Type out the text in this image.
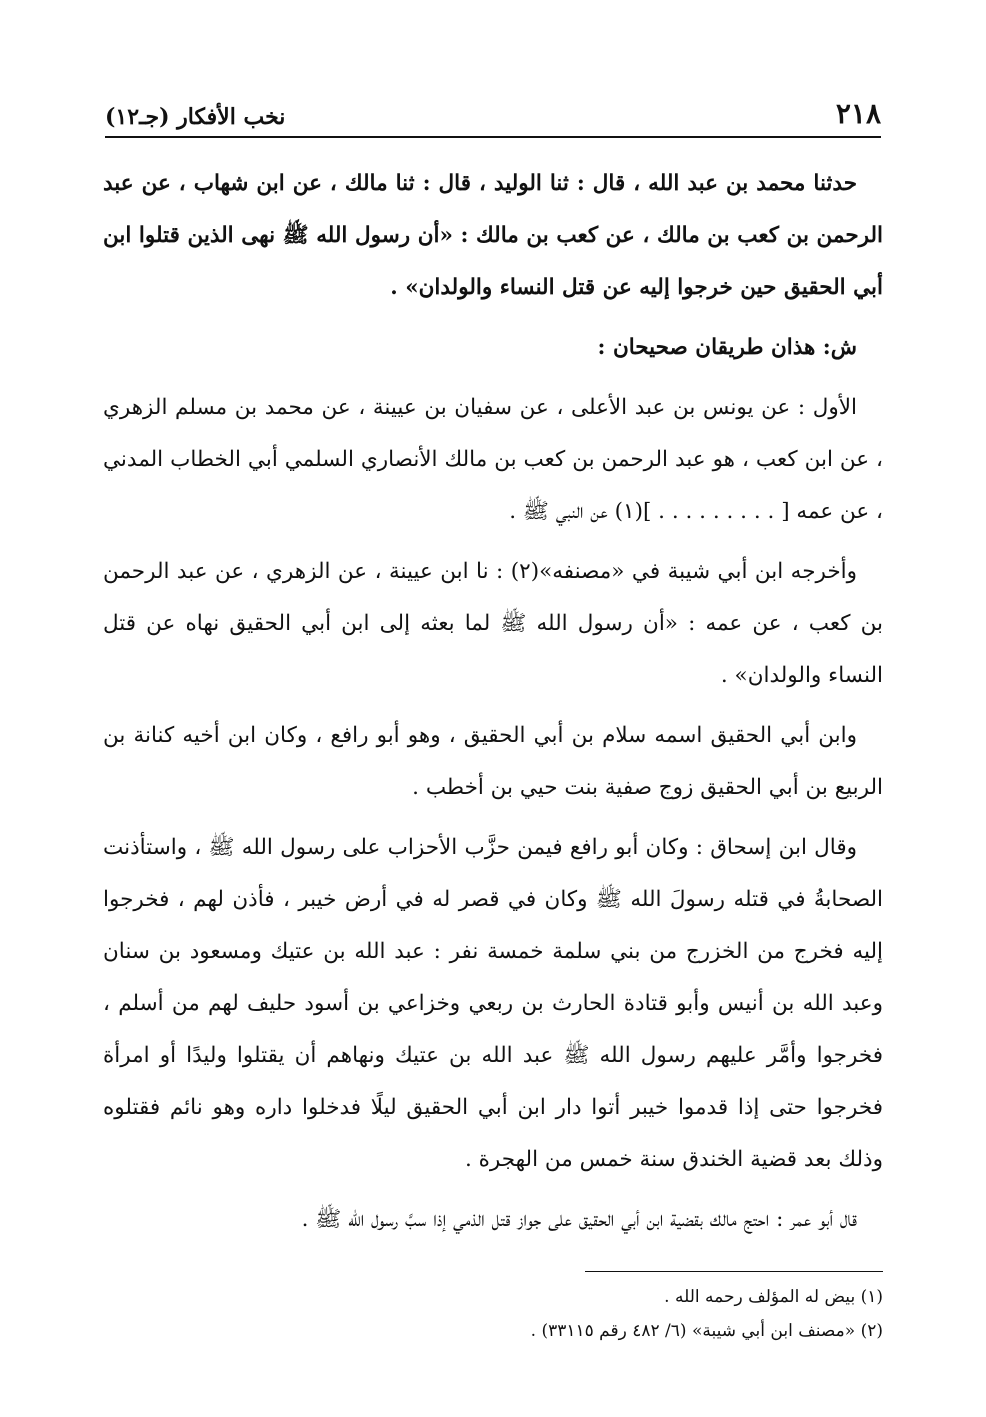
٢١٨
نخب الأفكار (جـ١٢)

حدثنا محمد بن عبد الله ، قال : ثنا الوليد ، قال : ثنا مالك ، عن ابن شهاب ، عن عبد الرحمن بن كعب بن مالك ، عن كعب بن مالك : «أن رسول الله ﷺ نهى الذين قتلوا ابن أبي الحقيق حين خرجوا إليه عن قتل النساء والولدان» .

ش: هذان طريقان صحيحان :

الأول : عن يونس بن عبد الأعلى ، عن سفيان بن عيينة ، عن محمد بن مسلم الزهري ، عن ابن كعب ، هو عبد الرحمن بن كعب بن مالك الأنصاري السلمي أبي الخطاب المدني ، عن عمه [ . . . . . . . . . ](١) عن النبي ﷺ .

وأخرجه ابن أبي شيبة في «مصنفه»(٢) : نا ابن عيينة ، عن الزهري ، عن عبد الرحمن بن كعب ، عن عمه : «أن رسول الله ﷺ لما بعثه إلى ابن أبي الحقيق نهاه عن قتل النساء والولدان» .

وابن أبي الحقيق اسمه سلام بن أبي الحقيق ، وهو أبو رافع ، وكان ابن أخيه كنانة بن الربيع بن أبي الحقيق زوج صفية بنت حيي بن أخطب .

وقال ابن إسحاق : وكان أبو رافع فيمن حزَّب الأحزاب على رسول الله ﷺ ، واستأذنت الصحابةُ في قتله رسولَ الله ﷺ وكان في قصر له في أرض خيبر ، فأذن لهم ، فخرجوا إليه فخرج من الخزرج من بني سلمة خمسة نفر : عبد الله بن عتيك ومسعود بن سنان وعبد الله بن أنيس وأبو قتادة الحارث بن ربعي وخزاعي بن أسود حليف لهم من أسلم ، فخرجوا وأمَّر عليهم رسول الله ﷺ عبد الله بن عتيك ونهاهم أن يقتلوا وليدًا أو امرأة فخرجوا حتى إذا قدموا خيبر أتوا دار ابن أبي الحقيق ليلًا فدخلوا داره وهو نائم فقتلوه وذلك بعد قضية الخندق سنة خمس من الهجرة .

قال أبو عمر : احتج مالك بقضية ابن أبي الحقيق على جواز قتل الذمي إذا سبَّ رسول الله ﷺ .

(١) بيض له المؤلف رحمه الله .

(٢) «مصنف ابن أبي شيبة» (٦/ ٤٨٢ رقم ٣٣١١٥) .
